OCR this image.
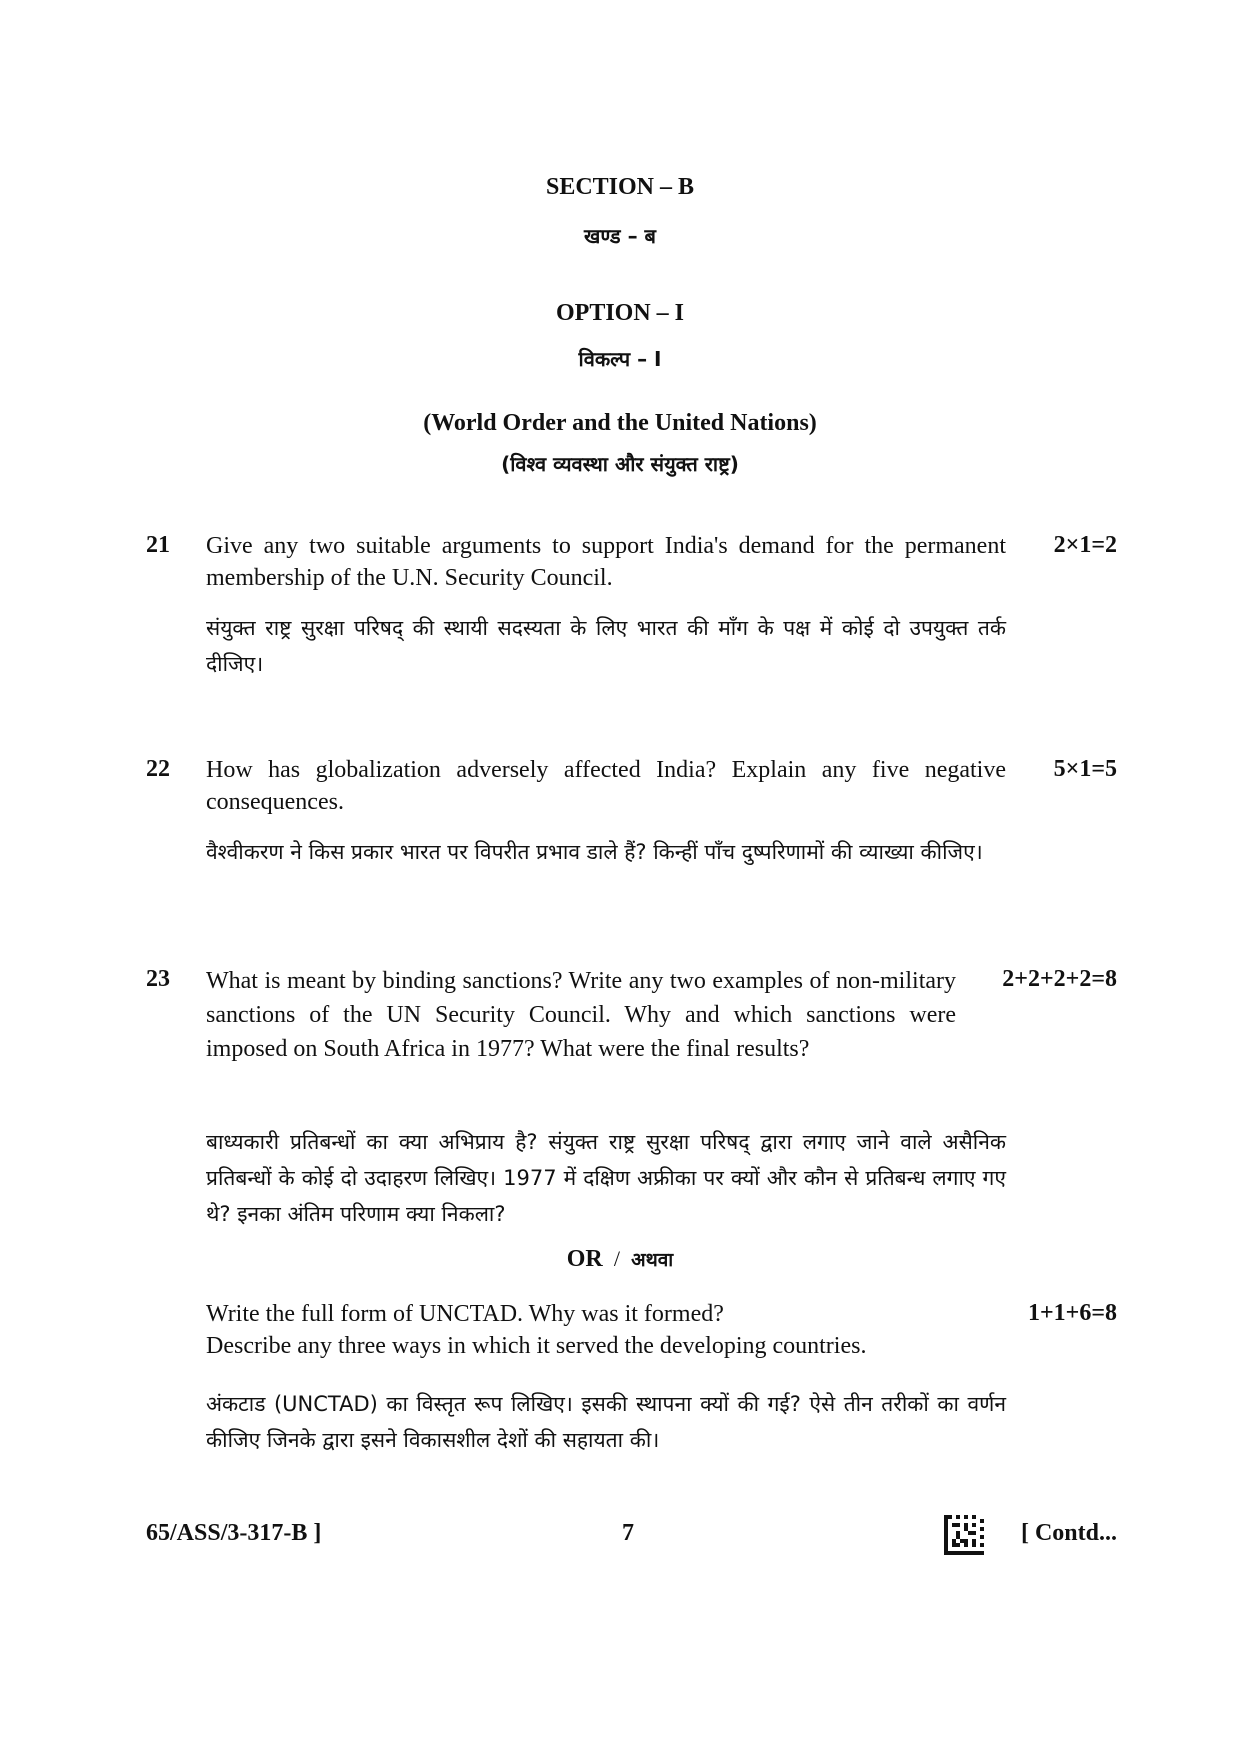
SECTION – B
खण्ड – ब
OPTION – I
विकल्प – I
(World Order and the United Nations)
(विश्व व्यवस्था और संयुक्त राष्ट्र)
21 Give any two suitable arguments to support India's demand for the permanent membership of the U.N. Security Council.
2×1=2
संयुक्त राष्ट्र सुरक्षा परिषद् की स्थायी सदस्यता के लिए भारत की माँग के पक्ष में कोई दो उपयुक्त तर्क दीजिए।
22 How has globalization adversely affected India? Explain any five negative consequences.
5×1=5
वैश्वीकरण ने किस प्रकार भारत पर विपरीत प्रभाव डाले हैं? किन्हीं पाँच दुष्परिणामों की व्याख्या कीजिए।
23 What is meant by binding sanctions? Write any two examples of non-military sanctions of the UN Security Council. Why and which sanctions were imposed on South Africa in 1977? What were the final results?
2+2+2+2=8
बाध्यकारी प्रतिबन्धों का क्या अभिप्राय है? संयुक्त राष्ट्र सुरक्षा परिषद् द्वारा लगाए जाने वाले असैनिक प्रतिबन्धों के कोई दो उदाहरण लिखिए। 1977 में दक्षिण अफ्रीका पर क्यों और कौन से प्रतिबन्ध लगाए गए थे? इनका अंतिम परिणाम क्या निकला?
OR / अथवा
Write the full form of UNCTAD. Why was it formed?
Describe any three ways in which it served the developing countries.
1+1+6=8
अंकटाड (UNCTAD) का विस्तृत रूप लिखिए। इसकी स्थापना क्यों की गई? ऐसे तीन तरीकों का वर्णन कीजिए जिनके द्वारा इसने विकासशील देशों की सहायता की।
65/ASS/3-317-B ]	7	[ Contd...
